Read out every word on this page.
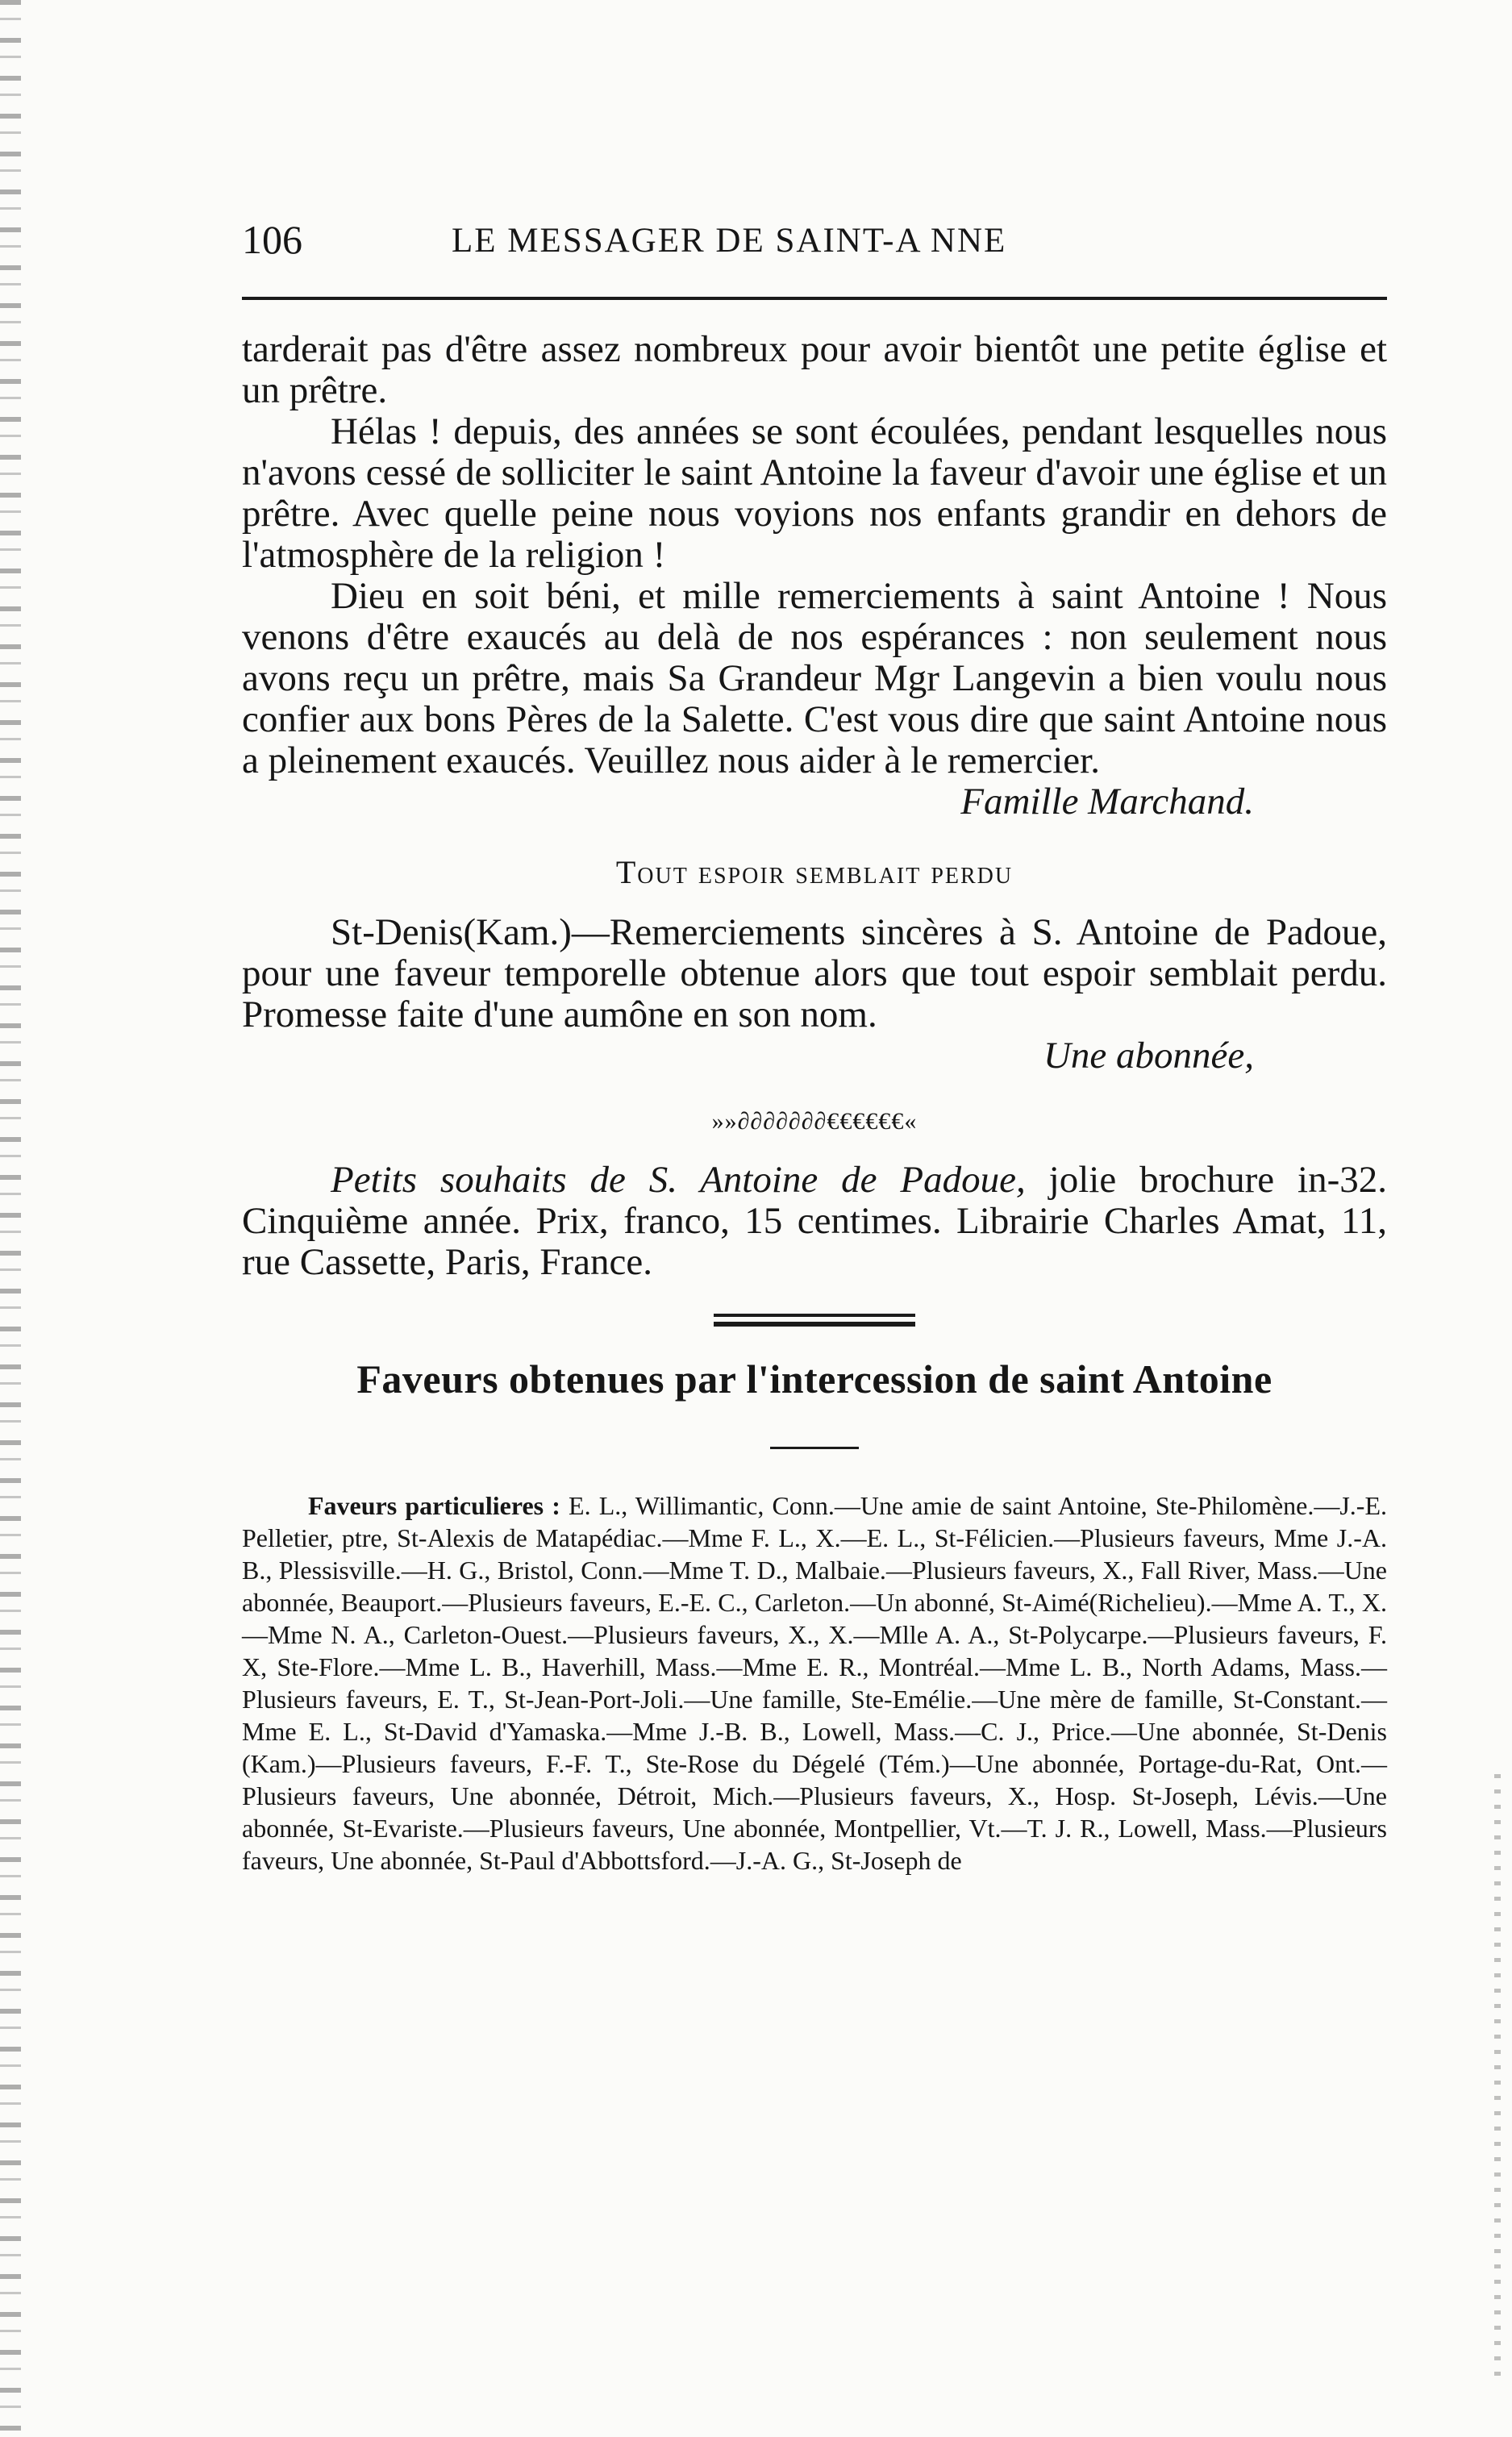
106	LE MESSAGER DE SAINT-A NNE

tarderait pas d'être assez nombreux pour avoir bientôt une petite église et un prêtre.

Hélas ! depuis, des années se sont écoulées, pendant lesquelles nous n'avons cessé de solliciter le saint Antoine la faveur d'avoir une église et un prêtre. Avec quelle peine nous voyions nos enfants grandir en dehors de l'atmosphère de la religion !

Dieu en soit béni, et mille remerciements à saint Antoine ! Nous venons d'être exaucés au delà de nos espérances : non seulement nous avons reçu un prêtre, mais Sa Grandeur Mgr Langevin a bien voulu nous confier aux bons Pères de la Salette. C'est vous dire que saint Antoine nous a pleinement exaucés. Veuillez nous aider à le remercier.

Famille Marchand.

Tout espoir semblait perdu

St-Denis(Kam.)—Remerciements sincères à S. Antoine de Padoue, pour une faveur temporelle obtenue alors que tout espoir semblait perdu. Promesse faite d'une aumône en son nom.

Une abonnée,

»»∂∂∂∂∂∂∂€€€€€€«

Petits souhaits de S. Antoine de Padoue, jolie brochure in-32. Cinquième année. Prix, franco, 15 centimes. Librairie Charles Amat, 11, rue Cassette, Paris, France.

Faveurs obtenues par l'intercession de saint Antoine

Faveurs particulieres : E. L., Willimantic, Conn.—Une amie de saint Antoine, Ste-Philomène.—J.-E. Pelletier, ptre, St-Alexis de Matapédiac.—Mme F. L., X.—E. L., St-Félicien.—Plusieurs faveurs, Mme J.-A. B., Plessisville.—H. G., Bristol, Conn.—Mme T. D., Malbaie.—Plusieurs faveurs, X., Fall River, Mass.—Une abonnée, Beauport.—Plusieurs faveurs, E.-E. C., Carleton.—Un abonné, St-Aimé(Richelieu).—Mme A. T., X.—Mme N. A., Carleton-Ouest.—Plusieurs faveurs, X., X.—Mlle A. A., St-Polycarpe.—Plusieurs faveurs, F. X, Ste-Flore.—Mme L. B., Haverhill, Mass.—Mme E. R., Montréal.—Mme L. B., North Adams, Mass.—Plusieurs faveurs, E. T., St-Jean-Port-Joli.—Une famille, Ste-Emélie.—Une mère de famille, St-Constant.—Mme E. L., St-David d'Yamaska.—Mme J.-B. B., Lowell, Mass.—C. J., Price.—Une abonnée, St-Denis (Kam.)—Plusieurs faveurs, F.-F. T., Ste-Rose du Dégelé (Tém.)—Une abonnée, Portage-du-Rat, Ont.—Plusieurs faveurs, Une abonnée, Détroit, Mich.—Plusieurs faveurs, X., Hosp. St-Joseph, Lévis.—Une abonnée, St-Evariste.—Plusieurs faveurs, Une abonnée, Montpellier, Vt.—T. J. R., Lowell, Mass.—Plusieurs faveurs, Une abonnée, St-Paul d'Abbottsford.—J.-A. G., St-Joseph de
